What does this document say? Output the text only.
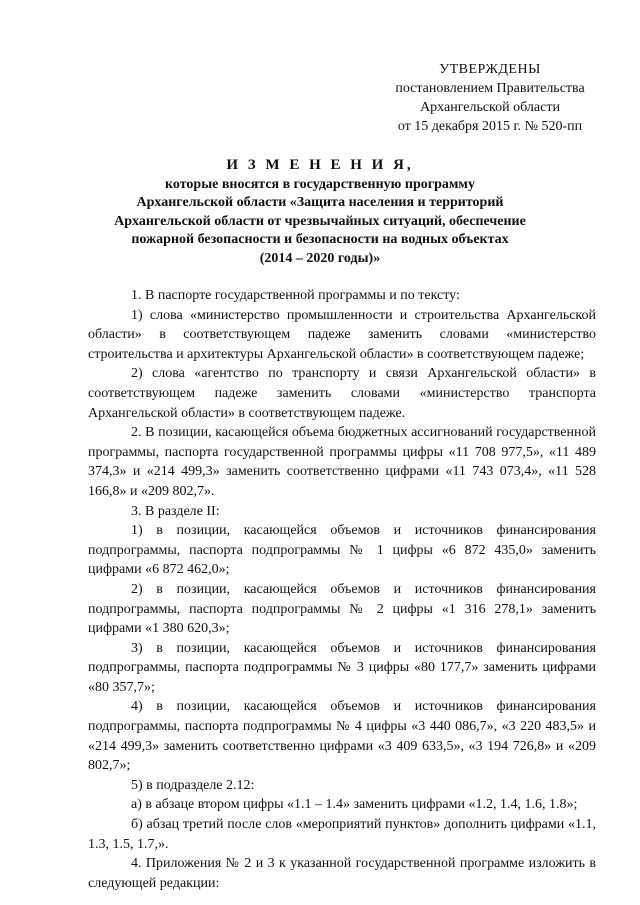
УТВЕРЖДЕНЫ
постановлением Правительства
Архангельской области
от 15 декабря 2015 г. № 520-пп
И З М Е Н Е Н И Я,
которые вносятся в государственную программу
Архангельской области «Защита населения и территорий
Архангельской области от чрезвычайных ситуаций, обеспечение
пожарной безопасности и безопасности на водных объектах
(2014 – 2020 годы)»

1. В паспорте государственной программы и по тексту:

1) слова «министерство промышленности и строительства Архангельской области» в соответствующем падеже заменить словами «министерство строительства и архитектуры Архангельской области» в соответствующем падеже;

2) слова «агентство по транспорту и связи Архангельской области» в соответствующем падеже заменить словами «министерство транспорта Архангельской области» в соответствующем падеже.

2. В позиции, касающейся объема бюджетных ассигнований государственной программы, паспорта государственной программы цифры «11 708 977,5», «11 489 374,3» и «214 499,3» заменить соответственно цифрами «11 743 073,4», «11 528 166,8» и «209 802,7».

3. В разделе II:

1) в позиции, касающейся объемов и источников финансирования подпрограммы, паспорта подпрограммы № 1 цифры «6 872 435,0» заменить цифрами «6 872 462,0»;

2) в позиции, касающейся объемов и источников финансирования подпрограммы, паспорта подпрограммы № 2 цифры «1 316 278,1» заменить цифрами «1 380 620,3»;

3) в позиции, касающейся объемов и источников финансирования подпрограммы, паспорта подпрограммы № 3 цифры «80 177,7» заменить цифрами «80 357,7»;

4) в позиции, касающейся объемов и источников финансирования подпрограммы, паспорта подпрограммы № 4 цифры «3 440 086,7», «3 220 483,5» и «214 499,3» заменить соответственно цифрами «3 409 633,5», «3 194 726,8» и «209 802,7»;

5) в подразделе 2.12:

а) в абзаце втором цифры «1.1 – 1.4» заменить цифрами «1.2, 1.4, 1.6, 1.8»;

б) абзац третий после слов «мероприятий пунктов» дополнить цифрами «1.1, 1.3, 1.5, 1.7,».

4. Приложения № 2 и 3 к указанной государственной программе изложить в следующей редакции:
